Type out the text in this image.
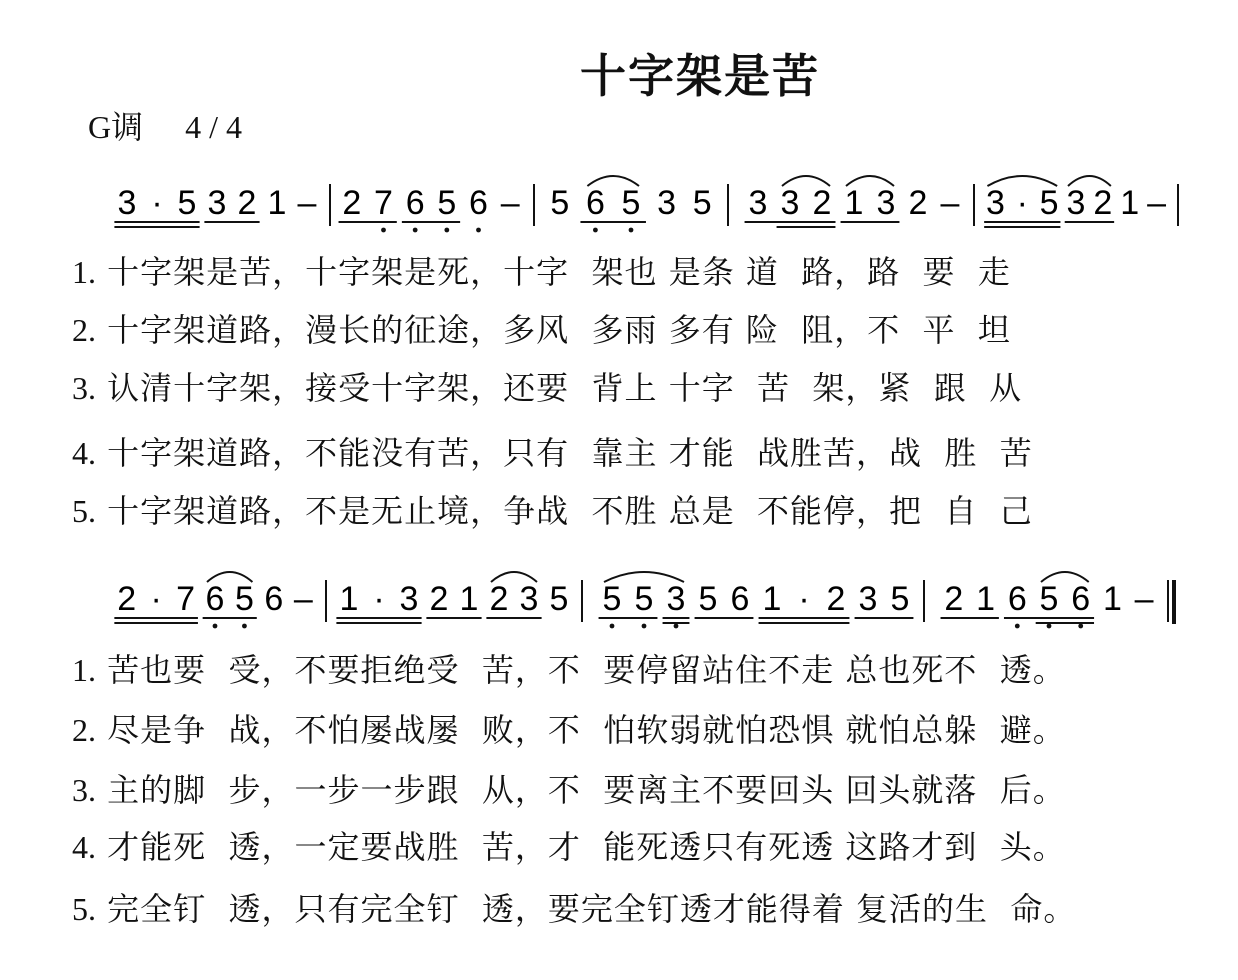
十字架是苦
G调 4 / 4
3 · 5 3 2 1 – 2 7 6 5 6 – 5 6 5 3 5 3 3 2 1 3 2 – 3 · 5 3 2 1 –
1. 十字架是苦，十字架是死，十字  架也 是条 道  路，路  要  走
2. 十字架道路，漫长的征途，多风  多雨 多有 险  阻，不  平  坦
3. 认清十字架，接受十字架，还要  背上 十字  苦  架，紧  跟  从
4. 十字架道路，不能没有苦，只有  靠主 才能  战胜苦，战  胜  苦
5. 十字架道路，不是无止境，争战  不胜 总是  不能停，把  自  己
2 · 7 6 5 6 – 1 · 3 2 1 2 3 5 5 5 3 5 6 1 · 2 3 5 2 1 6 5 6 1 –
1. 苦也要  受，不要拒绝受  苦，不  要停留站住不走 总也死不  透。
2. 尽是争  战，不怕屡战屡  败，不  怕软弱就怕恐惧 就怕总躲  避。
3. 主的脚  步，一步一步跟  从，不  要离主不要回头 回头就落  后。
4. 才能死  透，一定要战胜  苦，才  能死透只有死透 这路才到  头。
5. 完全钉  透，只有完全钉  透，要完全钉透才能得着 复活的生  命。
